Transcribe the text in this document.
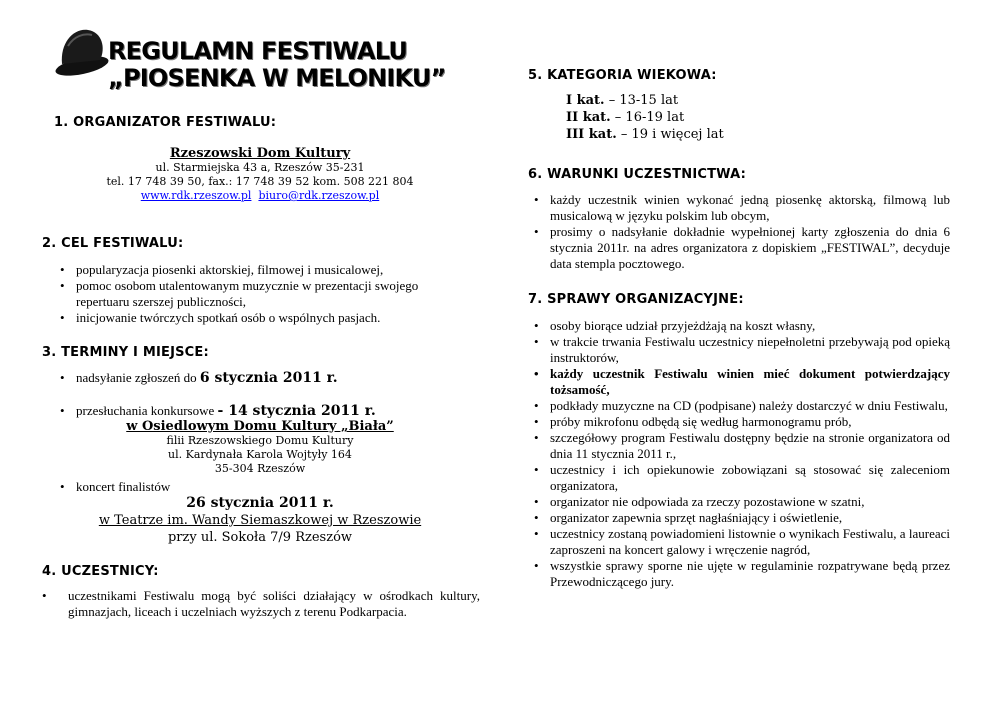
REGULAMN FESTIWALU
„PIOSENKA W MELONIKU”
1. ORGANIZATOR FESTIWALU:
Rzeszowski Dom Kultury
ul. Starmiejska 43 a, Rzeszów 35-231
tel. 17 748 39 50, fax.: 17 748 39 52 kom. 508 221 804
www.rdk.rzeszow.pl biuro@rdk.rzeszow.pl
2. CEL FESTIWALU:
• popularyzacja piosenki aktorskiej, filmowej i musicalowej,
• pomoc osobom utalentowanym muzycznie w prezentacji swojego repertuaru szerszej publiczności,
• inicjowanie twórczych spotkań osób o wspólnych pasjach.
3. TERMINY I MIEJSCE:
• nadsyłanie zgłoszeń do 6 stycznia 2011 r.
• przesłuchania konkursowe - 14 stycznia 2011 r.
w Osiedlowym Domu Kultury „Biała”
filii Rzeszowskiego Domu Kultury
ul. Kardynała Karola Wojtyły 164
35-304 Rzeszów
• koncert finalistów
26 stycznia 2011 r.
w Teatrze im. Wandy Siemaszkowej w Rzeszowie
przy ul. Sokoła 7/9 Rzeszów
4. UCZESTNICY:
• uczestnikami Festiwalu mogą być soliści działający w ośrodkach kultury, gimnazjach, liceach i uczelniach wyższych z terenu Podkarpacia.
5. KATEGORIA WIEKOWA:
I kat. – 13-15 lat
II kat. – 16-19 lat
III kat. – 19 i więcej lat
6. WARUNKI UCZESTNICTWA:
• każdy uczestnik winien wykonać jedną piosenkę aktorską, filmową lub musicalową w języku polskim lub obcym,
• prosimy o nadsyłanie dokładnie wypełnionej karty zgłoszenia do dnia 6 stycznia 2011r. na adres organizatora z dopiskiem „FESTIWAL”, decyduje data stempla pocztowego.
7. SPRAWY ORGANIZACYJNE:
• osoby biorące udział przyjeżdżają na koszt własny,
• w trakcie trwania Festiwalu uczestnicy niepełnoletni przebywają pod opieką instruktorów,
• każdy uczestnik Festiwalu winien mieć dokument potwierdzający tożsamość,
• podkłady muzyczne na CD (podpisane) należy dostarczyć w dniu Festiwalu,
• próby mikrofonu odbędą się według harmonogramu prób,
• szczegółowy program Festiwalu dostępny będzie na stronie organizatora od dnia 11 stycznia 2011 r.,
• uczestnicy i ich opiekunowie zobowiązani są stosować się zaleceniom organizatora,
• organizator nie odpowiada za rzeczy pozostawione w szatni,
• organizator zapewnia sprzęt nagłaśniający i oświetlenie,
• uczestnicy zostaną powiadomieni listownie o wynikach Festiwalu, a laureaci zaproszeni na koncert galowy i wręczenie nagród,
• wszystkie sprawy sporne nie ujęte w regulaminie rozpatrywane będą przez Przewodniczącego jury.
